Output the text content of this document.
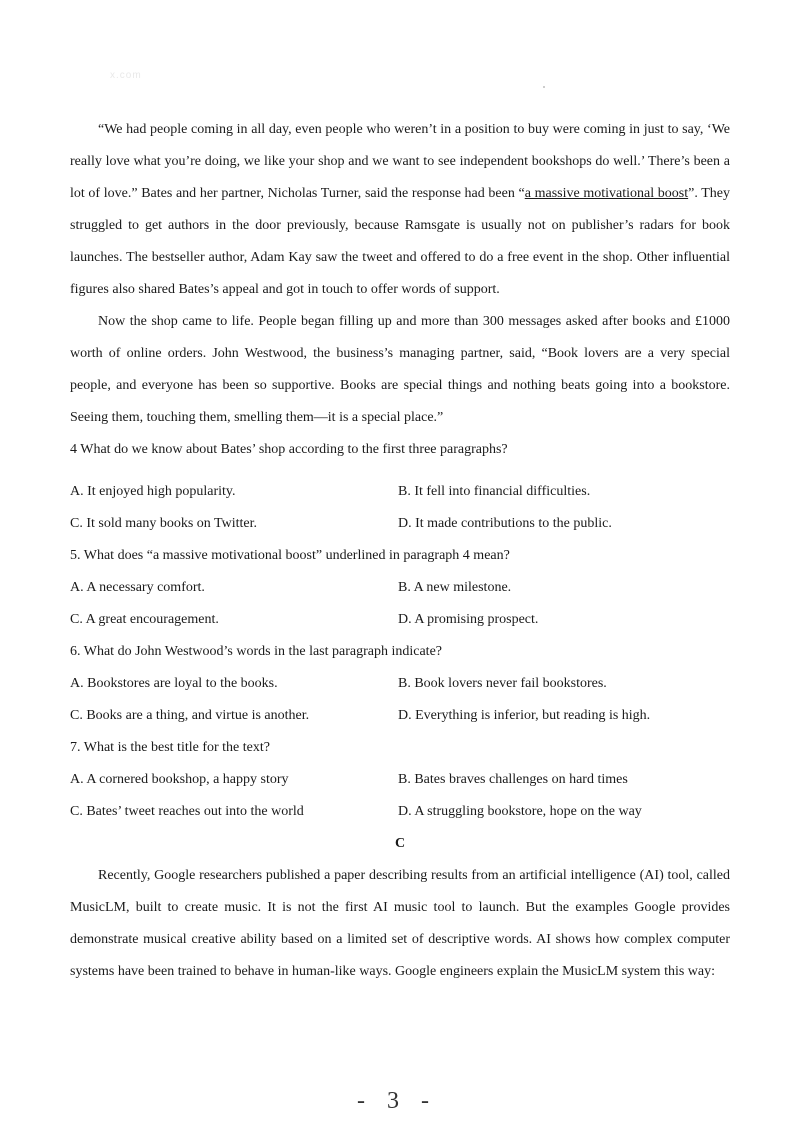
x.com

“We had people coming in all day, even people who weren’t in a position to buy were coming in just to say, ‘We really love what you’re doing, we like your shop and we want to see independent bookshops do well.’ There’s been a lot of love.” Bates and her partner, Nicholas Turner, said the response had been “a massive motivational boost”. They struggled to get authors in the door previously, because Ramsgate is usually not on publisher’s radars for book launches. The bestseller author, Adam Kay saw the tweet and offered to do a free event in the shop. Other influential figures also shared Bates’s appeal and got in touch to offer words of support.

Now the shop came to life. People began filling up and more than 300 messages asked after books and £1000 worth of online orders. John Westwood, the business’s managing partner, said, “Book lovers are a very special people, and everyone has been so supportive. Books are special things and nothing beats going into a bookstore. Seeing them, touching them, smelling them—it is a special place.”

4 What do we know about Bates’ shop according to the first three paragraphs?

A. It enjoyed high popularity.	B. It fell into financial difficulties.
C. It sold many books on Twitter.	D. It made contributions to the public.

5. What does “a massive motivational boost” underlined in paragraph 4 mean?

A. A necessary comfort.	B. A new milestone.
C. A great encouragement.	D. A promising prospect.

6. What do John Westwood’s words in the last paragraph indicate?

A. Bookstores are loyal to the books.	B. Book lovers never fail bookstores.
C. Books are a thing, and virtue is another.	D. Everything is inferior, but reading is high.

7. What is the best title for the text?

A. A cornered bookshop, a happy story	B. Bates braves challenges on hard times
C. Bates’ tweet reaches out into the world	D. A struggling bookstore, hope on the way

C

Recently, Google researchers published a paper describing results from an artificial intelligence (AI) tool, called MusicLM, built to create music. It is not the first AI music tool to launch. But the examples Google provides demonstrate musical creative ability based on a limited set of descriptive words. AI shows how complex computer systems have been trained to behave in human-like ways. Google engineers explain the MusicLM system this way:

- 3 -
